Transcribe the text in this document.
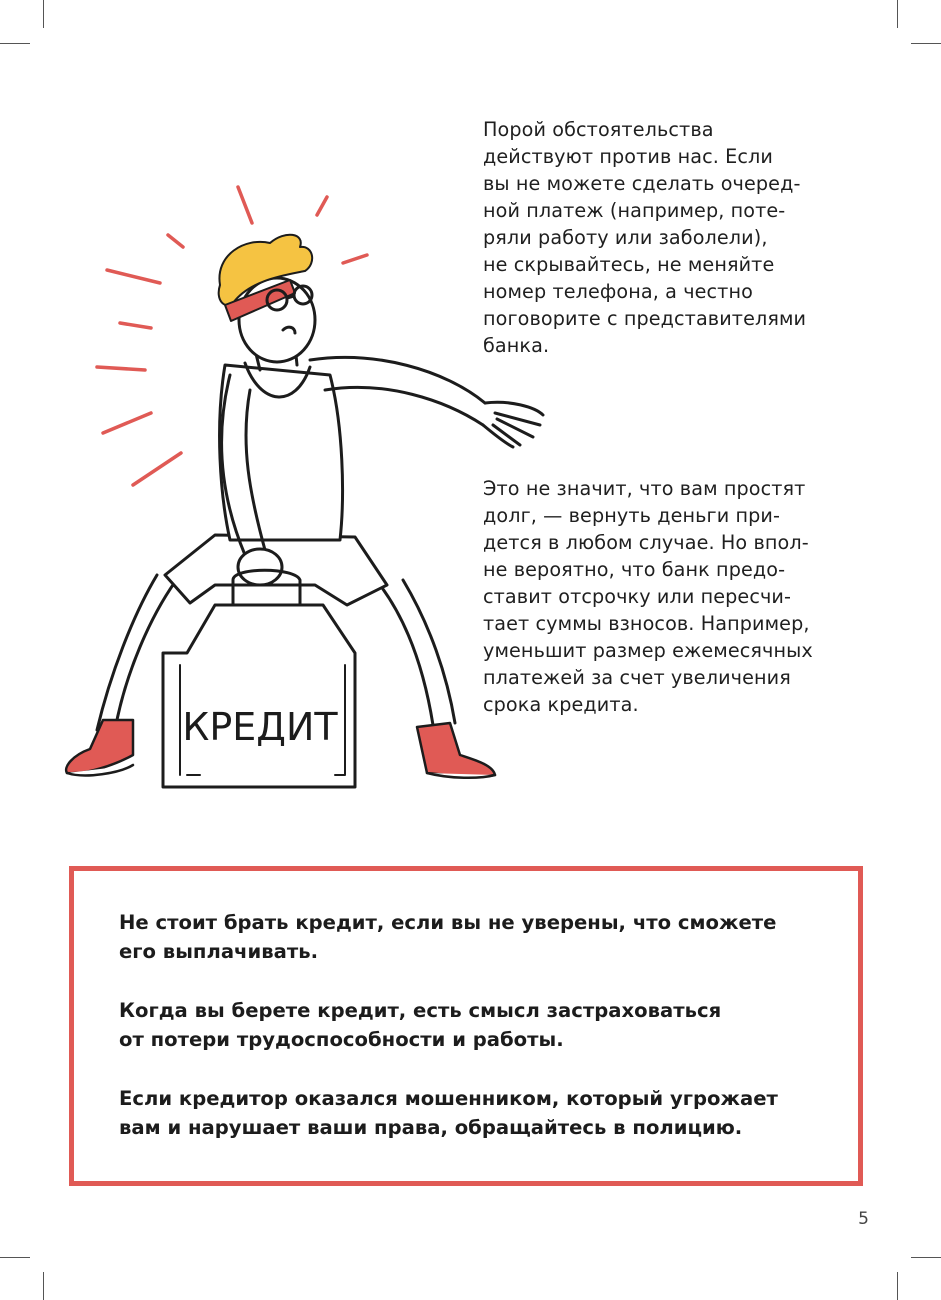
КРЕДИТ

Порой обстоятельства
действуют против нас. Если
вы не можете сделать очеред-
ной платеж (например, поте-
ряли работу или заболели),
не скрывайтесь, не меняйте
номер телефона, а честно
поговорите с представителями
банка.

Это не значит, что вам простят
долг, — вернуть деньги при-
дется в любом случае. Но впол-
не вероятно, что банк предо-
ставит отсрочку или пересчи-
тает суммы взносов. Например,
уменьшит размер ежемесячных
платежей за счет увеличения
срока кредита.

Не стоит брать кредит, если вы не уверены, что сможете
его выплачивать.

Когда вы берете кредит, есть смысл застраховаться
от потери трудоспособности и работы.

Если кредитор оказался мошенником, который угрожает
вам и нарушает ваши права, обращайтесь в полицию.

5
